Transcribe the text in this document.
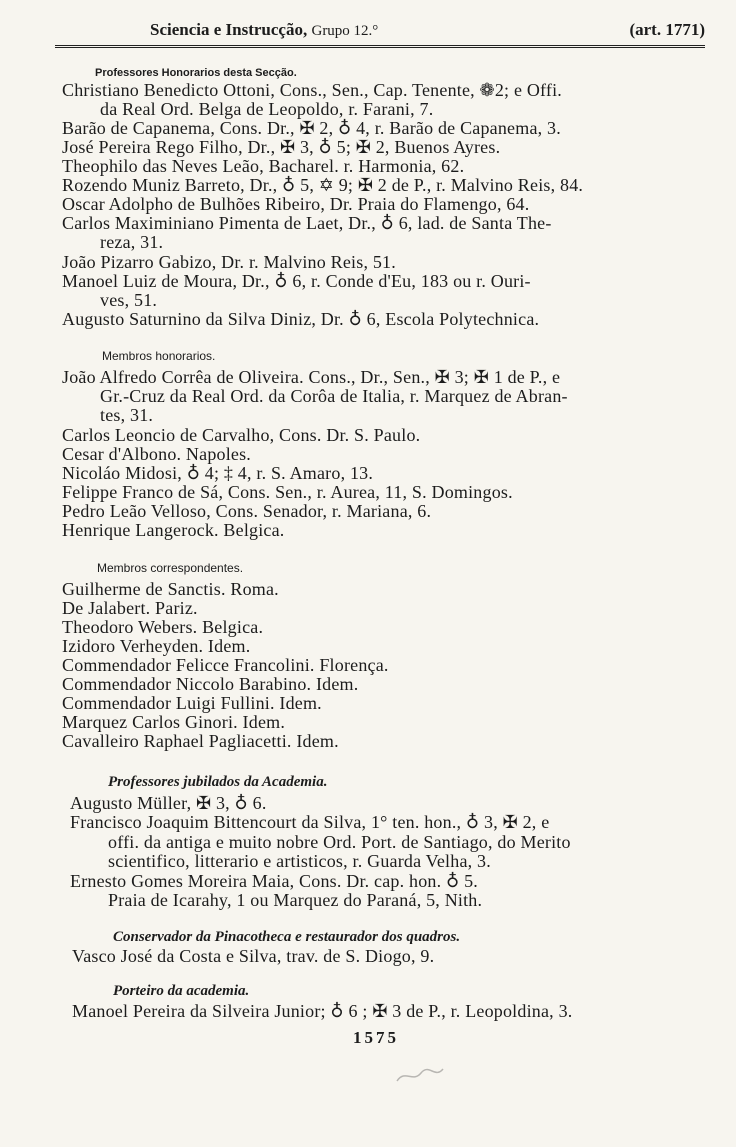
Sciencia e Instrucção, Grupo 12.°	(art. 1771)
Professores Honorarios desta Secção.
Christiano Benedicto Ottoni, Cons., Sen., Cap. Tenente, ❁2; e Offi.
da Real Ord. Belga de Leopoldo, r. Farani, 7.
Barão de Capanema, Cons. Dr., ✠ 2, ♁ 4, r. Barão de Capanema, 3.
José Pereira Rego Filho, Dr., ✠ 3, ♁ 5; ✠ 2, Buenos Ayres.
Theophilo das Neves Leão, Bacharel. r. Harmonia, 62.
Rozendo Muniz Barreto, Dr., ♁ 5, ✡ 9; ✠ 2 de P., r. Malvino Reis, 84.
Oscar Adolpho de Bulhões Ribeiro, Dr. Praia do Flamengo, 64.
Carlos Maximiniano Pimenta de Laet, Dr., ♁ 6, lad. de Santa The-
reza, 31.
João Pizarro Gabizo, Dr. r. Malvino Reis, 51.
Manoel Luiz de Moura, Dr., ♁ 6, r. Conde d'Eu, 183 ou r. Ouri-
ves, 51.
Augusto Saturnino da Silva Diniz, Dr. ♁ 6, Escola Polytechnica.
Membros honorarios.
João Alfredo Corrêa de Oliveira. Cons., Dr., Sen., ✠ 3; ✠ 1 de P., e
Gr.-Cruz da Real Ord. da Corôa de Italia, r. Marquez de Abran-
tes, 31.
Carlos Leoncio de Carvalho, Cons. Dr. S. Paulo.
Cesar d'Albono. Napoles.
Nicoláo Midosi, ♁ 4; ‡ 4, r. S. Amaro, 13.
Felippe Franco de Sá, Cons. Sen., r. Aurea, 11, S. Domingos.
Pedro Leão Velloso, Cons. Senador, r. Mariana, 6.
Henrique Langerock. Belgica.
Membros correspondentes.
Guilherme de Sanctis. Roma.
De Jalabert. Pariz.
Theodoro Webers. Belgica.
Izidoro Verheyden. Idem.
Commendador Felicce Francolini. Florença.
Commendador Niccolo Barabino. Idem.
Commendador Luigi Fullini. Idem.
Marquez Carlos Ginori. Idem.
Cavalleiro Raphael Pagliacetti. Idem.
Professores jubilados da Academia.
Augusto Müller, ✠ 3, ♁ 6.
Francisco Joaquim Bittencourt da Silva, 1° ten. hon., ♁ 3, ✠ 2, e
offi. da antiga e muito nobre Ord. Port. de Santiago, do Merito
scientifico, litterario e artisticos, r. Guarda Velha, 3.
Ernesto Gomes Moreira Maia, Cons. Dr. cap. hon. ♁ 5.
Praia de Icarahy, 1 ou Marquez do Paraná, 5, Nith.
Conservador da Pinacotheca e restaurador dos quadros.
Vasco José da Costa e Silva, trav. de S. Diogo, 9.
Porteiro da academia.
Manoel Pereira da Silveira Junior; ♁ 6 ; ✠ 3 de P., r. Leopoldina, 3.
1575
